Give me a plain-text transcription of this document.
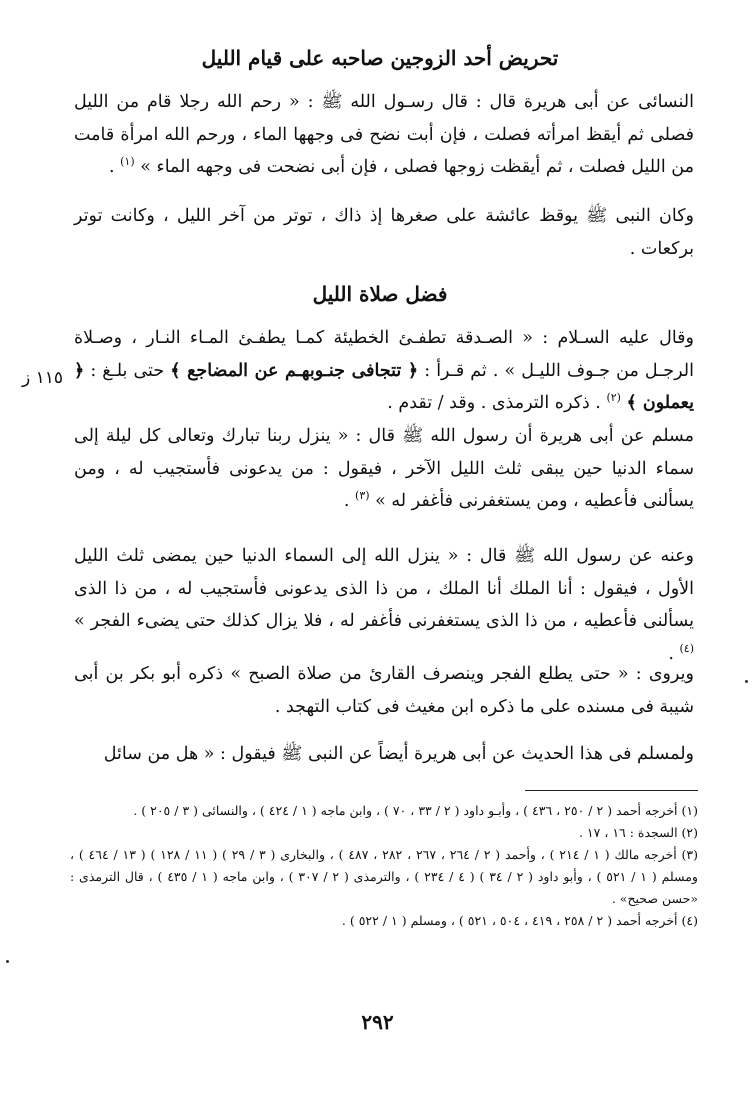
تحريض أحد الزوجين صاحبه على قيام الليل

النسائى عن أبى هريرة قال : قال رسـول الله ﷺ : « رحم الله رجلا قام من الليل فصلى ثم أيقظ امرأته فصلت ، فإن أبت نضح فى وجهها الماء ، ورحم الله امرأة قامت من الليل فصلت ، ثم أيقظت زوجها فصلى ، فإن أبى نضحت فى وجهه الماء » $^{(١)}$ .

وكان النبى ﷺ يوقظ عائشة على صغرها إذ ذاك ، توتر من آخر الليل ، وكانت توتر بركعات .

فضل صلاة الليل

وقال عليه السـلام : « الصـدقة تطفـئ الخطيئة كمـا يطفـئ المـاء النـار ، وصـلاة الرجـل من جـوف الليـل » . ثم قـرأ : ﴿ تتجافى جنـوبهـم عن المضاجع ﴾ حتى بلـغ : ﴿ يعملون ﴾ $^{(٢)}$ . ذكره الترمذى . وقد / تقدم .

١١٥ ز

مسلم عن أبى هريرة أن رسول الله ﷺ قال : « ينزل ربنا تبارك وتعالى كل ليلة إلى سماء الدنيا حين يبقى ثلث الليل الآخر ، فيقول : من يدعونى فأستجيب له ، ومن يسألنى فأعطيه ، ومن يستغفرنى فأغفر له » $^{(٣)}$ .

وعنه عن رسول الله ﷺ قال : « ينزل الله إلى السماء الدنيا حين يمضى ثلث الليل الأول ، فيقول : أنا الملك أنا الملك ، من ذا الذى يدعونى فأستجيب له ، من ذا الذى يسألنى فأعطيه ، من ذا الذى يستغفرنى فأغفر له ، فلا يزال كذلك حتى يضىء الفجر » $^{(٤)}$ .

ويروى : « حتى يطلع الفجر وينصرف القارئ من صلاة الصبح » ذكره أبو بكر بن أبى شيبة فى مسنده على ما ذكره ابن مغيث فى كتاب التهجد .

ولمسلم فى هذا الحديث عن أبى هريرة أيضاً عن النبى ﷺ فيقول : « هل من سائل

(١) أخرجه أحمد ( ٢ / ٢٥٠ ، ٤٣٦ ) ، وأبـو داود ( ٢ / ٣٣ ، ٧٠ ) ، وابن ماجه ( ١ / ٤٢٤ ) ، والنسائى ( ٣ / ٢٠٥ ) .
(٢) السجدة : ١٦ ، ١٧ .
(٣) أخرجه مالك ( ١ / ٢١٤ ) ، وأحمد ( ٢ / ٢٦٤ ، ٢٦٧ ، ٢٨٢ ، ٤٨٧ ) ، والبخارى ( ٣ / ٢٩ ) ( ١١ / ١٢٨ ) ( ١٣ / ٤٦٤ ) ، ومسلم ( ١ / ٥٢١ ) ، وأبو داود ( ٢ / ٣٤ ) ( ٤ / ٢٣٤ ) ، والترمذى ( ٢ / ٣٠٧ ) ، وابن ماجه ( ١ / ٤٣٥ ) ، قال الترمذى : «حسن صحيح» .
(٤) أخرجه أحمد ( ٢ / ٢٥٨ ، ٤١٩ ، ٥٠٤ ، ٥٢١ ) ، ومسلم ( ١ / ٥٢٢ ) .
٢٩٢
